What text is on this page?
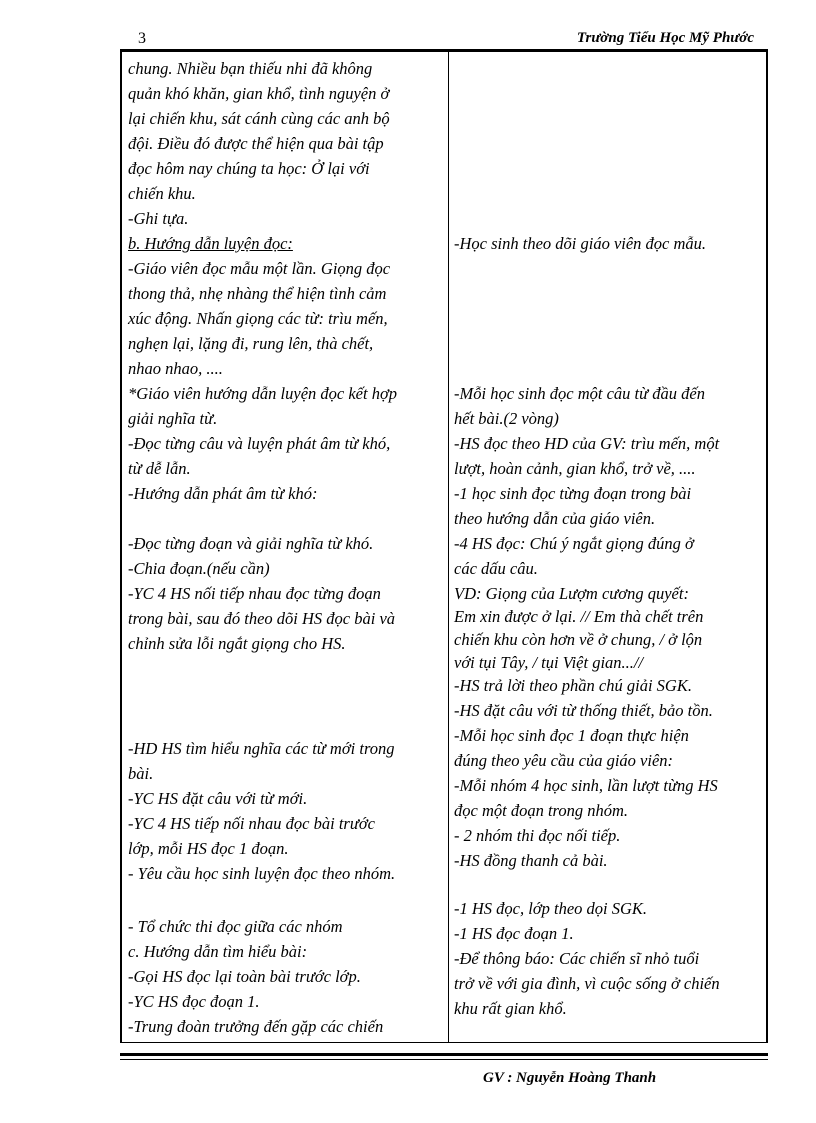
3	Trường Tiểu Học Mỹ Phước
chung. Nhiều bạn thiếu nhi đã không
quản khó khăn, gian khổ, tình nguyện ở
lại chiến khu, sát cánh cùng các anh bộ
đội. Điều đó được thể hiện qua bài tập
đọc hôm nay chúng ta học: Ở lại với
chiến khu.
-Ghi tựa.
b. Hướng dẫn luyện đọc:
-Giáo viên đọc mẫu một lần. Giọng đọc
thong thả, nhẹ nhàng thể hiện tình cảm
xúc động. Nhấn giọng các từ: trìu mến,
nghẹn lại, lặng đi, rung lên, thà chết,
nhao nhao, ....
*Giáo viên hướng dẫn luyện đọc kết hợp
giải nghĩa từ.
-Đọc từng câu và luyện phát âm từ khó,
từ dễ lẫn.
-Hướng dẫn phát âm từ khó:
-Đọc từng đoạn và giải nghĩa từ khó.
-Chia đoạn.(nếu cần)
-YC 4 HS nối tiếp nhau đọc từng đoạn
trong bài, sau đó theo dõi HS đọc bài và
chỉnh sửa lỗi ngắt giọng cho HS.
-HD HS tìm hiểu nghĩa các từ mới trong
bài.
-YC HS đặt câu với từ mới.
-YC 4 HS tiếp nối nhau đọc bài trước
lớp, mỗi HS đọc 1 đoạn.
- Yêu cầu học sinh luyện đọc theo nhóm.
- Tổ chức thi đọc giữa các nhóm
c. Hướng dẫn tìm hiểu bài:
-Gọi HS đọc lại toàn bài trước lớp.
-YC HS đọc đoạn 1.
-Trung đoàn trưởng đến gặp các chiến
-Học sinh theo dõi giáo viên đọc mẫu.
-Mỗi học sinh đọc một câu từ đầu đến
hết bài.(2 vòng)
-HS đọc theo HD của GV: trìu mến, một
lượt, hoàn cảnh, gian khổ, trở về, ....
-1 học sinh đọc từng đoạn trong bài
theo hướng dẫn của giáo viên.
-4 HS đọc: Chú ý ngắt giọng đúng ở
các dấu câu.
VD: Giọng của Lượm cương quyết:
Em xin được ở lại. // Em thà chết trên
chiến khu còn hơn về ở chung, / ở lộn
với tụi Tây, / tụi Việt gian...//
-HS trả lời theo phần chú giải SGK.
-HS đặt câu với từ thống thiết, bảo tồn.
-Mỗi học sinh đọc 1 đoạn thực hiện
đúng theo yêu cầu của giáo viên:
-Mỗi nhóm 4 học sinh, lần lượt từng HS
đọc một đoạn trong nhóm.
- 2 nhóm thi đọc nối tiếp.
-HS đồng thanh cả bài.
-1 HS đọc, lớp theo dọi SGK.
-1 HS đọc đoạn 1.
-Để thông báo: Các chiến sĩ nhỏ tuổi
trở về với gia đình, vì cuộc sống ở chiến
khu rất gian khổ.
GV : Nguyễn Hoàng Thanh
